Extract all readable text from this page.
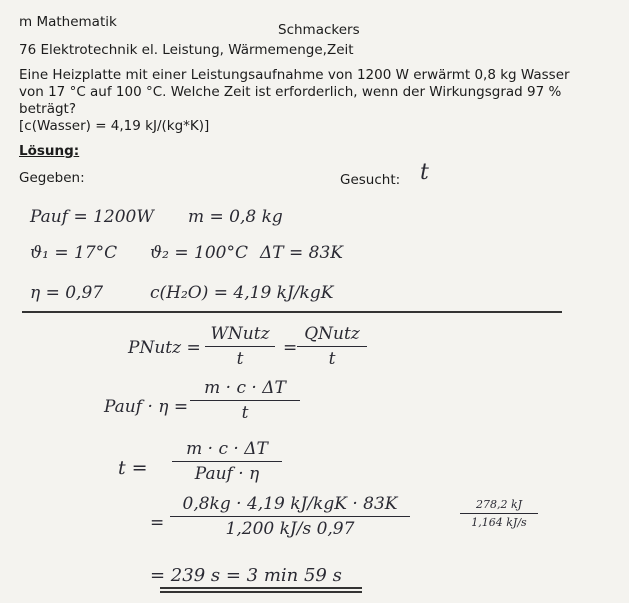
m Mathematik	Schmackers
76 Elektrotechnik el. Leistung, Wärmemenge,Zeit
Eine Heizplatte mit einer Leistungsaufnahme von 1200 W erwärmt 0,8 kg Wasser
von 17 °C auf 100 °C. Welche Zeit ist erforderlich, wenn der Wirkungsgrad 97 %
beträgt?
[c(Wasser) = 4,19 kJ/(kg*K)]
Lösung:
Gegeben:	Gesucht: t
Pauf = 1200W m = 0,8 kg
ϑ₁ = 17°C ϑ₂ = 100°C ΔT = 83K
η = 0,97	c(H₂O) = 4,19 kJ/kgK
PNutz =
WNutz
t
=
QNutz
t
Pauf · η =
m · c · ΔT
t
t =
m · c · ΔT
Pauf · η
=
0,8kg · 4,19 kJ/kgK · 83K
1,200 kJ/s 0,97
278,2 kJ
1,164 kJ/s
= 239 s = 3 min 59 s
